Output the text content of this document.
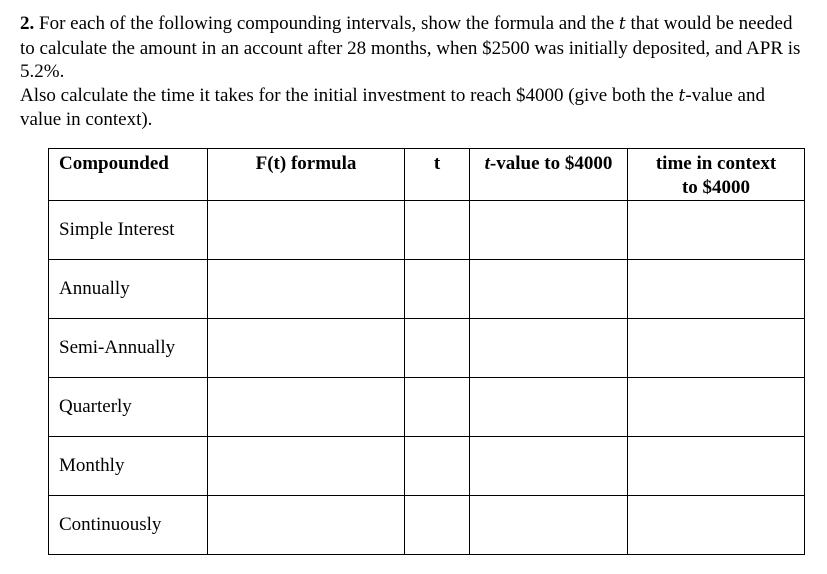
2. For each of the following compounding intervals, show the formula and the t that would be needed to calculate the amount in an account after 28 months, when $2500 was initially deposited, and APR is 5.2%.

Also calculate the time it takes for the initial investment to reach $4000 (give both the t-value and value in context).

Compounded	F(t) formula	t	t-value to $4000	time in context
to $4000
Simple Interest				
Annually				
Semi-Annually				
Quarterly				
Monthly				
Continuously				
